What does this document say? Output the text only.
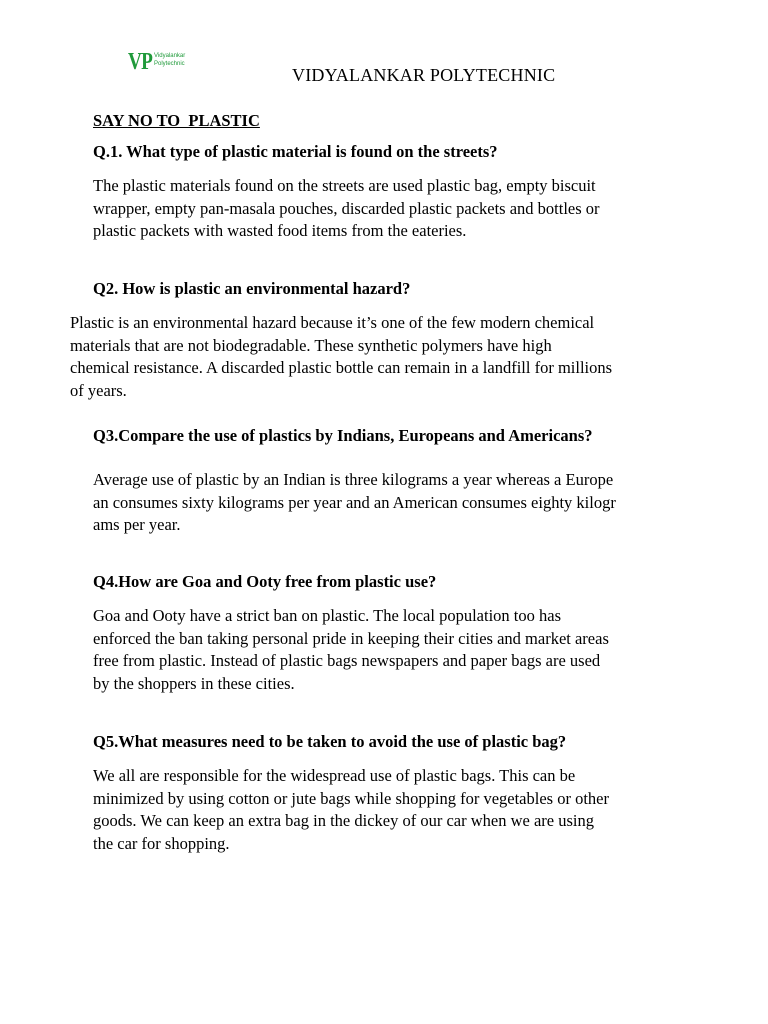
VP Vidyalankar
Polytechnic
VIDYALANKAR POLYTECHNIC
SAY NO TO  PLASTIC
Q.1. What type of plastic material is found on the streets?
The plastic materials found on the streets are used plastic bag, empty biscuit
wrapper, empty pan-masala pouches, discarded plastic packets and bottles or
plastic packets with wasted food items from the eateries.
Q2. How is plastic an environmental hazard?
Plastic is an environmental hazard because it’s one of the few modern chemical
materials that are not biodegradable. These synthetic polymers have high
chemical resistance. A discarded plastic bottle can remain in a landfill for millions
of years.
Q3.Compare the use of plastics by Indians, Europeans and Americans?
Average use of plastic by an Indian is three kilograms a year whereas a Europe
an consumes sixty kilograms per year and an American consumes eighty kilogr
ams per year.
Q4.How are Goa and Ooty free from plastic use?
Goa and Ooty have a strict ban on plastic. The local population too has
enforced the ban taking personal pride in keeping their cities and market areas
free from plastic. Instead of plastic bags newspapers and paper bags are used
by the shoppers in these cities.
Q5.What measures need to be taken to avoid the use of plastic bag?
We all are responsible for the widespread use of plastic bags. This can be
minimized by using cotton or jute bags while shopping for vegetables or other
goods. We can keep an extra bag in the dickey of our car when we are using
the car for shopping.
